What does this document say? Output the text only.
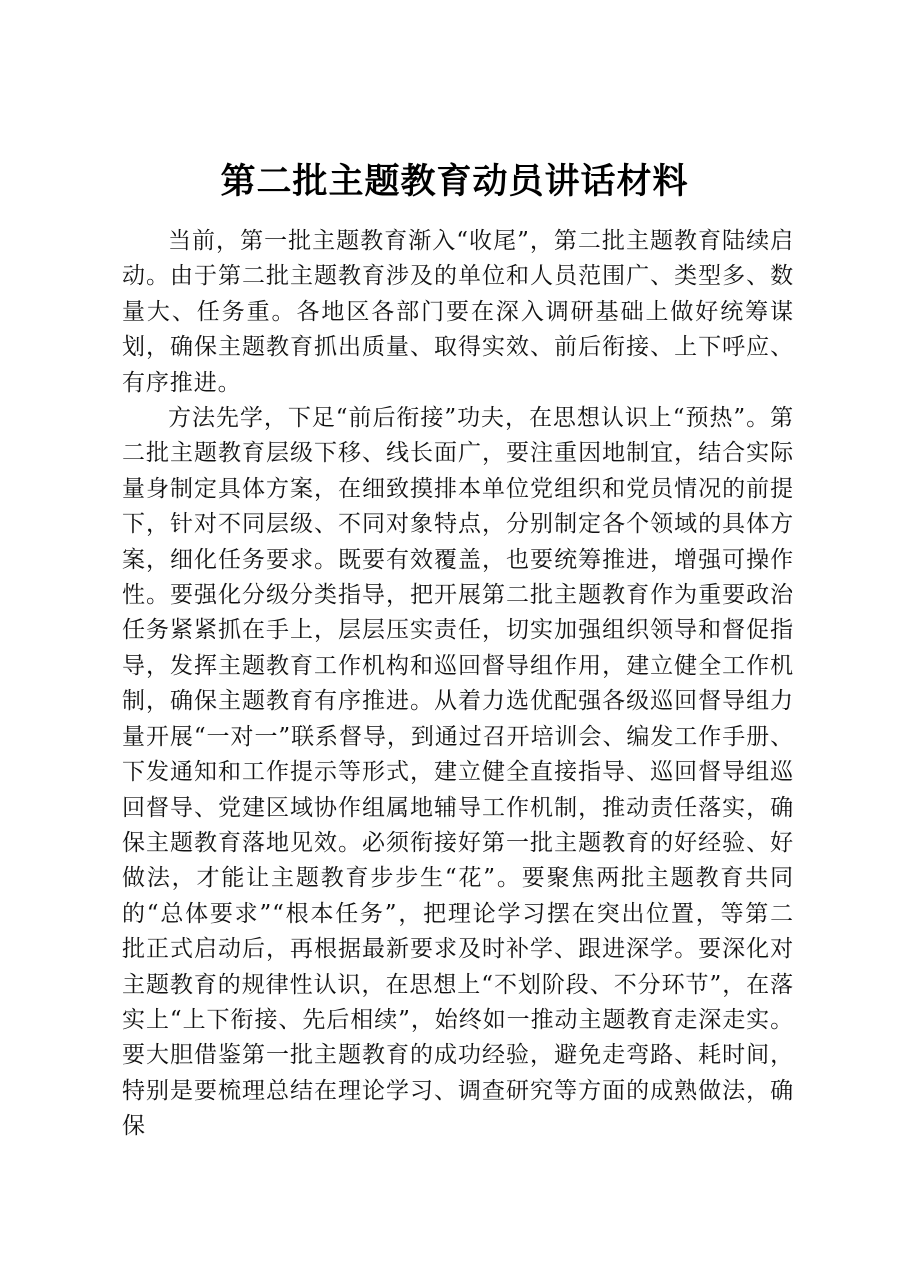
第二批主题教育动员讲话材料

当前，第一批主题教育渐入“收尾”，第二批主题教育陆续启动。由于第二批主题教育涉及的单位和人员范围广、类型多、数量大、任务重。各地区各部门要在深入调研基础上做好统筹谋划，确保主题教育抓出质量、取得实效、前后衔接、上下呼应、有序推进。

方法先学，下足“前后衔接”功夫，在思想认识上“预热”。第二批主题教育层级下移、线长面广，要注重因地制宜，结合实际量身制定具体方案，在细致摸排本单位党组织和党员情况的前提下，针对不同层级、不同对象特点，分别制定各个领域的具体方案，细化任务要求。既要有效覆盖，也要统筹推进，增强可操作性。要强化分级分类指导，把开展第二批主题教育作为重要政治任务紧紧抓在手上，层层压实责任，切实加强组织领导和督促指导，发挥主题教育工作机构和巡回督导组作用，建立健全工作机制，确保主题教育有序推进。从着力选优配强各级巡回督导组力量开展“一对一”联系督导，到通过召开培训会、编发工作手册、下发通知和工作提示等形式，建立健全直接指导、巡回督导组巡回督导、党建区域协作组属地辅导工作机制，推动责任落实，确保主题教育落地见效。必须衔接好第一批主题教育的好经验、好做法，才能让主题教育步步生“花”。要聚焦两批主题教育共同的“总体要求”“根本任务”，把理论学习摆在突出位置，等第二批正式启动后，再根据最新要求及时补学、跟进深学。要深化对主题教育的规律性认识，在思想上“不划阶段、不分环节”，在落实上“上下衔接、先后相续”，始终如一推动主题教育走深走实。要大胆借鉴第一批主题教育的成功经验，避免走弯路、耗时间，特别是要梳理总结在理论学习、调查研究等方面的成熟做法，确保
